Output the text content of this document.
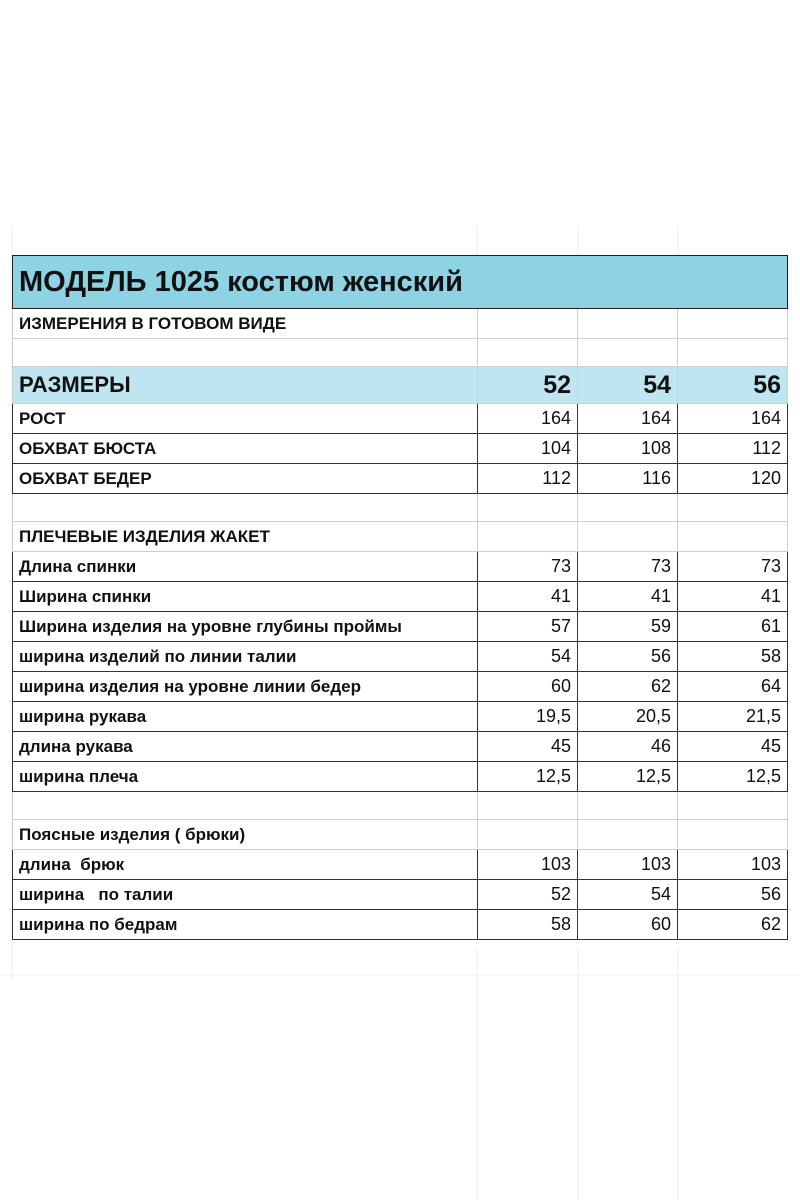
МОДЕЛЬ 1025 костюм женский			
ИЗМЕРЕНИЯ В ГОТОВОМ ВИДЕ			

РАЗМЕРЫ	52	54	56
РОСТ	164	164	164
ОБХВАТ БЮСТА	104	108	112
ОБХВАТ БЕДЕР	112	116	120

ПЛЕЧЕВЫЕ ИЗДЕЛИЯ ЖАКЕТ			
Длина спинки	73	73	73
Ширина спинки	41	41	41
Ширина изделия на уровне глубины проймы	57	59	61
ширина изделий по линии талии	54	56	58
ширина изделия на уровне линии бедер	60	62	64
ширина рукава	19,5	20,5	21,5
длина рукава	45	46	45
ширина плеча	12,5	12,5	12,5

Поясные изделия ( брюки)			
длина  брюк	103	103	103
ширина   по талии	52	54	56
ширина по бедрам	58	60	62
